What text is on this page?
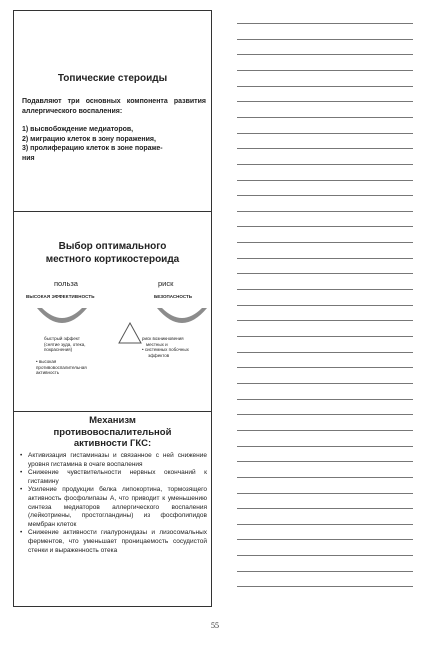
Топические стероиды
Подавляют три основных компонента развития аллергического воспаления:
1) высвобождение медиаторов,
2) миграцию клеток в зону поражения,
3) пролиферацию клеток в зоне пораже-
ния
Выбор оптимального
местного кортикостероида
польза	риск
ВЫСОКАЯ ЭФФЕКТИВНОСТЬ	БЕЗОПАСНОСТЬ
быстрый эффект
(снятие зуда, отека,
покраснения)
• высокая
противовоспалительная
активность
риск возникновения
местных и
• системных побочных
эффектов
Механизм
противовоспалительной
активности ГКС:
• Активизация гистаминазы и связанное с ней снижение уровня гистамина в очаге воспаления
• Снижение чувствительности нервных окончаний к гистамину
• Усиление продукции белка липокортина, тормозящего активность фосфолипазы А, что приводит к уменьшению синтеза медиаторов аллергического воспаления (лейкотриены, простогландины) из фосфолипидов мембран клеток
• Снижение активности гиалуронидазы и лизосомальных ферментов, что уменьшает проницаемость сосудистой стенки и выраженность отека
55
